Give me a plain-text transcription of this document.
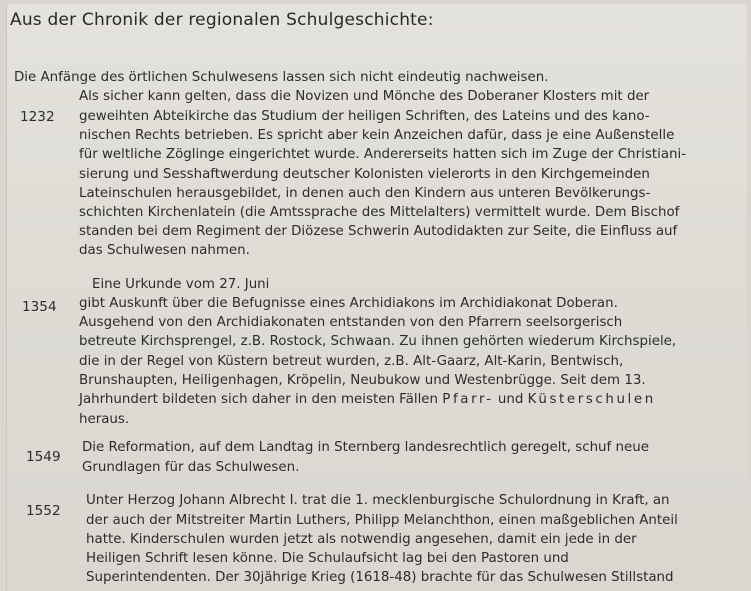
Aus der Chronik der regionalen Schulgeschichte:
Die Anfänge des örtlichen Schulwesens lassen sich nicht eindeutig nachweisen.
1232
Als sicher kann gelten, dass die Novizen und Mönche des Doberaner Klosters mit der
geweihten Abteikirche das Studium der heiligen Schriften, des Lateins und des kano-
nischen Rechts betrieben. Es spricht aber kein Anzeichen dafür, dass je eine Außenstelle
für weltliche Zöglinge eingerichtet wurde. Andererseits hatten sich im Zuge der Christiani-
sierung und Sesshaftwerdung deutscher Kolonisten vielerorts in den Kirchgemeinden
Lateinschulen herausgebildet, in denen auch den Kindern aus unteren Bevölkerungs-
schichten Kirchenlatein (die Amtssprache des Mittelalters) vermittelt wurde. Dem Bischof
standen bei dem Regiment der Diözese Schwerin Autodidakten zur Seite, die Einfluss auf
das Schulwesen nahmen.
1354
Eine Urkunde vom 27. Juni
gibt Auskunft über die Befugnisse eines Archidiakons im Archidiakonat Doberan.
Ausgehend von den Archidiakonaten entstanden von den Pfarrern seelsorgerisch
betreute Kirchsprengel, z.B. Rostock, Schwaan. Zu ihnen gehörten wiederum Kirchspiele,
die in der Regel von Küstern betreut wurden, z.B. Alt-Gaarz, Alt-Karin, Bentwisch,
Brunshaupten, Heiligenhagen, Kröpelin, Neubukow und Westenbrügge. Seit dem 13.
Jahrhundert bildeten sich daher in den meisten Fällen Pfarr- und Küsterschulen
heraus.
1549
Die Reformation, auf dem Landtag in Sternberg landesrechtlich geregelt, schuf neue
Grundlagen für das Schulwesen.
1552
Unter Herzog Johann Albrecht I. trat die 1. mecklenburgische Schulordnung in Kraft, an
der auch der Mitstreiter Martin Luthers, Philipp Melanchthon, einen maßgeblichen Anteil
hatte. Kinderschulen wurden jetzt als notwendig angesehen, damit ein jede in der
Heiligen Schrift lesen könne. Die Schulaufsicht lag bei den Pastoren und
Superintendenten. Der 30jährige Krieg (1618-48) brachte für das Schulwesen Stillstand
